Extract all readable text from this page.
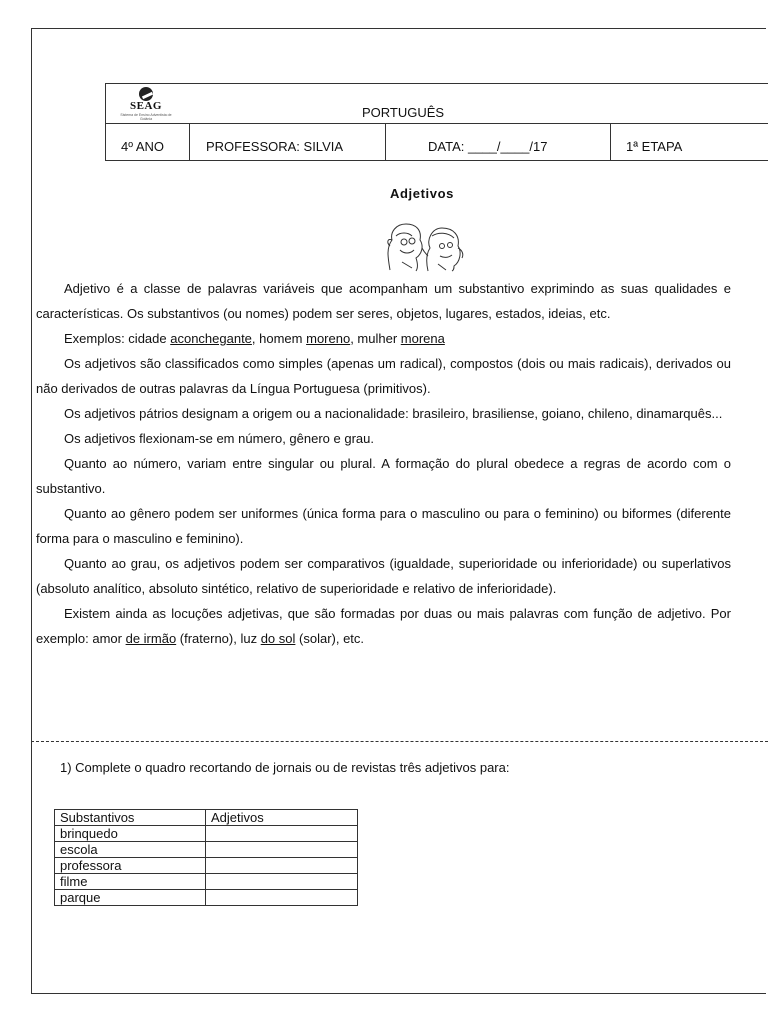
SEAG
Sistema de Ensino Adventista de Goiânia	PORTUGUÊS
4º ANO	PROFESSORA: SILVIA	DATA: ____/____/17	1ª ETAPA
Adjetivos

Adjetivo é a classe de palavras variáveis que acompanham um substantivo exprimindo as suas qualidades e características. Os substantivos (ou nomes) podem ser seres, objetos, lugares, estados, ideias, etc.

Exemplos: cidade aconchegante, homem moreno, mulher morena

Os adjetivos são classificados como simples (apenas um radical), compostos (dois ou mais radicais), derivados ou não derivados de outras palavras da Língua Portuguesa (primitivos).

Os adjetivos pátrios designam a origem ou a nacionalidade: brasileiro, brasiliense, goiano, chileno, dinamarquês...

Os adjetivos flexionam-se em número, gênero e grau.

Quanto ao número, variam entre singular ou plural. A formação do plural obedece a regras de acordo com o substantivo.

Quanto ao gênero podem ser uniformes (única forma para o masculino ou para o feminino) ou biformes (diferente forma para o masculino e feminino).

Quanto ao grau, os adjetivos podem ser comparativos (igualdade, superioridade ou inferioridade) ou superlativos (absoluto analítico, absoluto sintético, relativo de superioridade e relativo de inferioridade).

Existem ainda as locuções adjetivas, que são formadas por duas ou mais palavras com função de adjetivo. Por exemplo: amor de irmão (fraterno), luz do sol (solar), etc.

1) Complete o quadro recortando de jornais ou de revistas três adjetivos para:
Substantivos	Adjetivos
brinquedo	
escola	
professora	
filme	
parque	
